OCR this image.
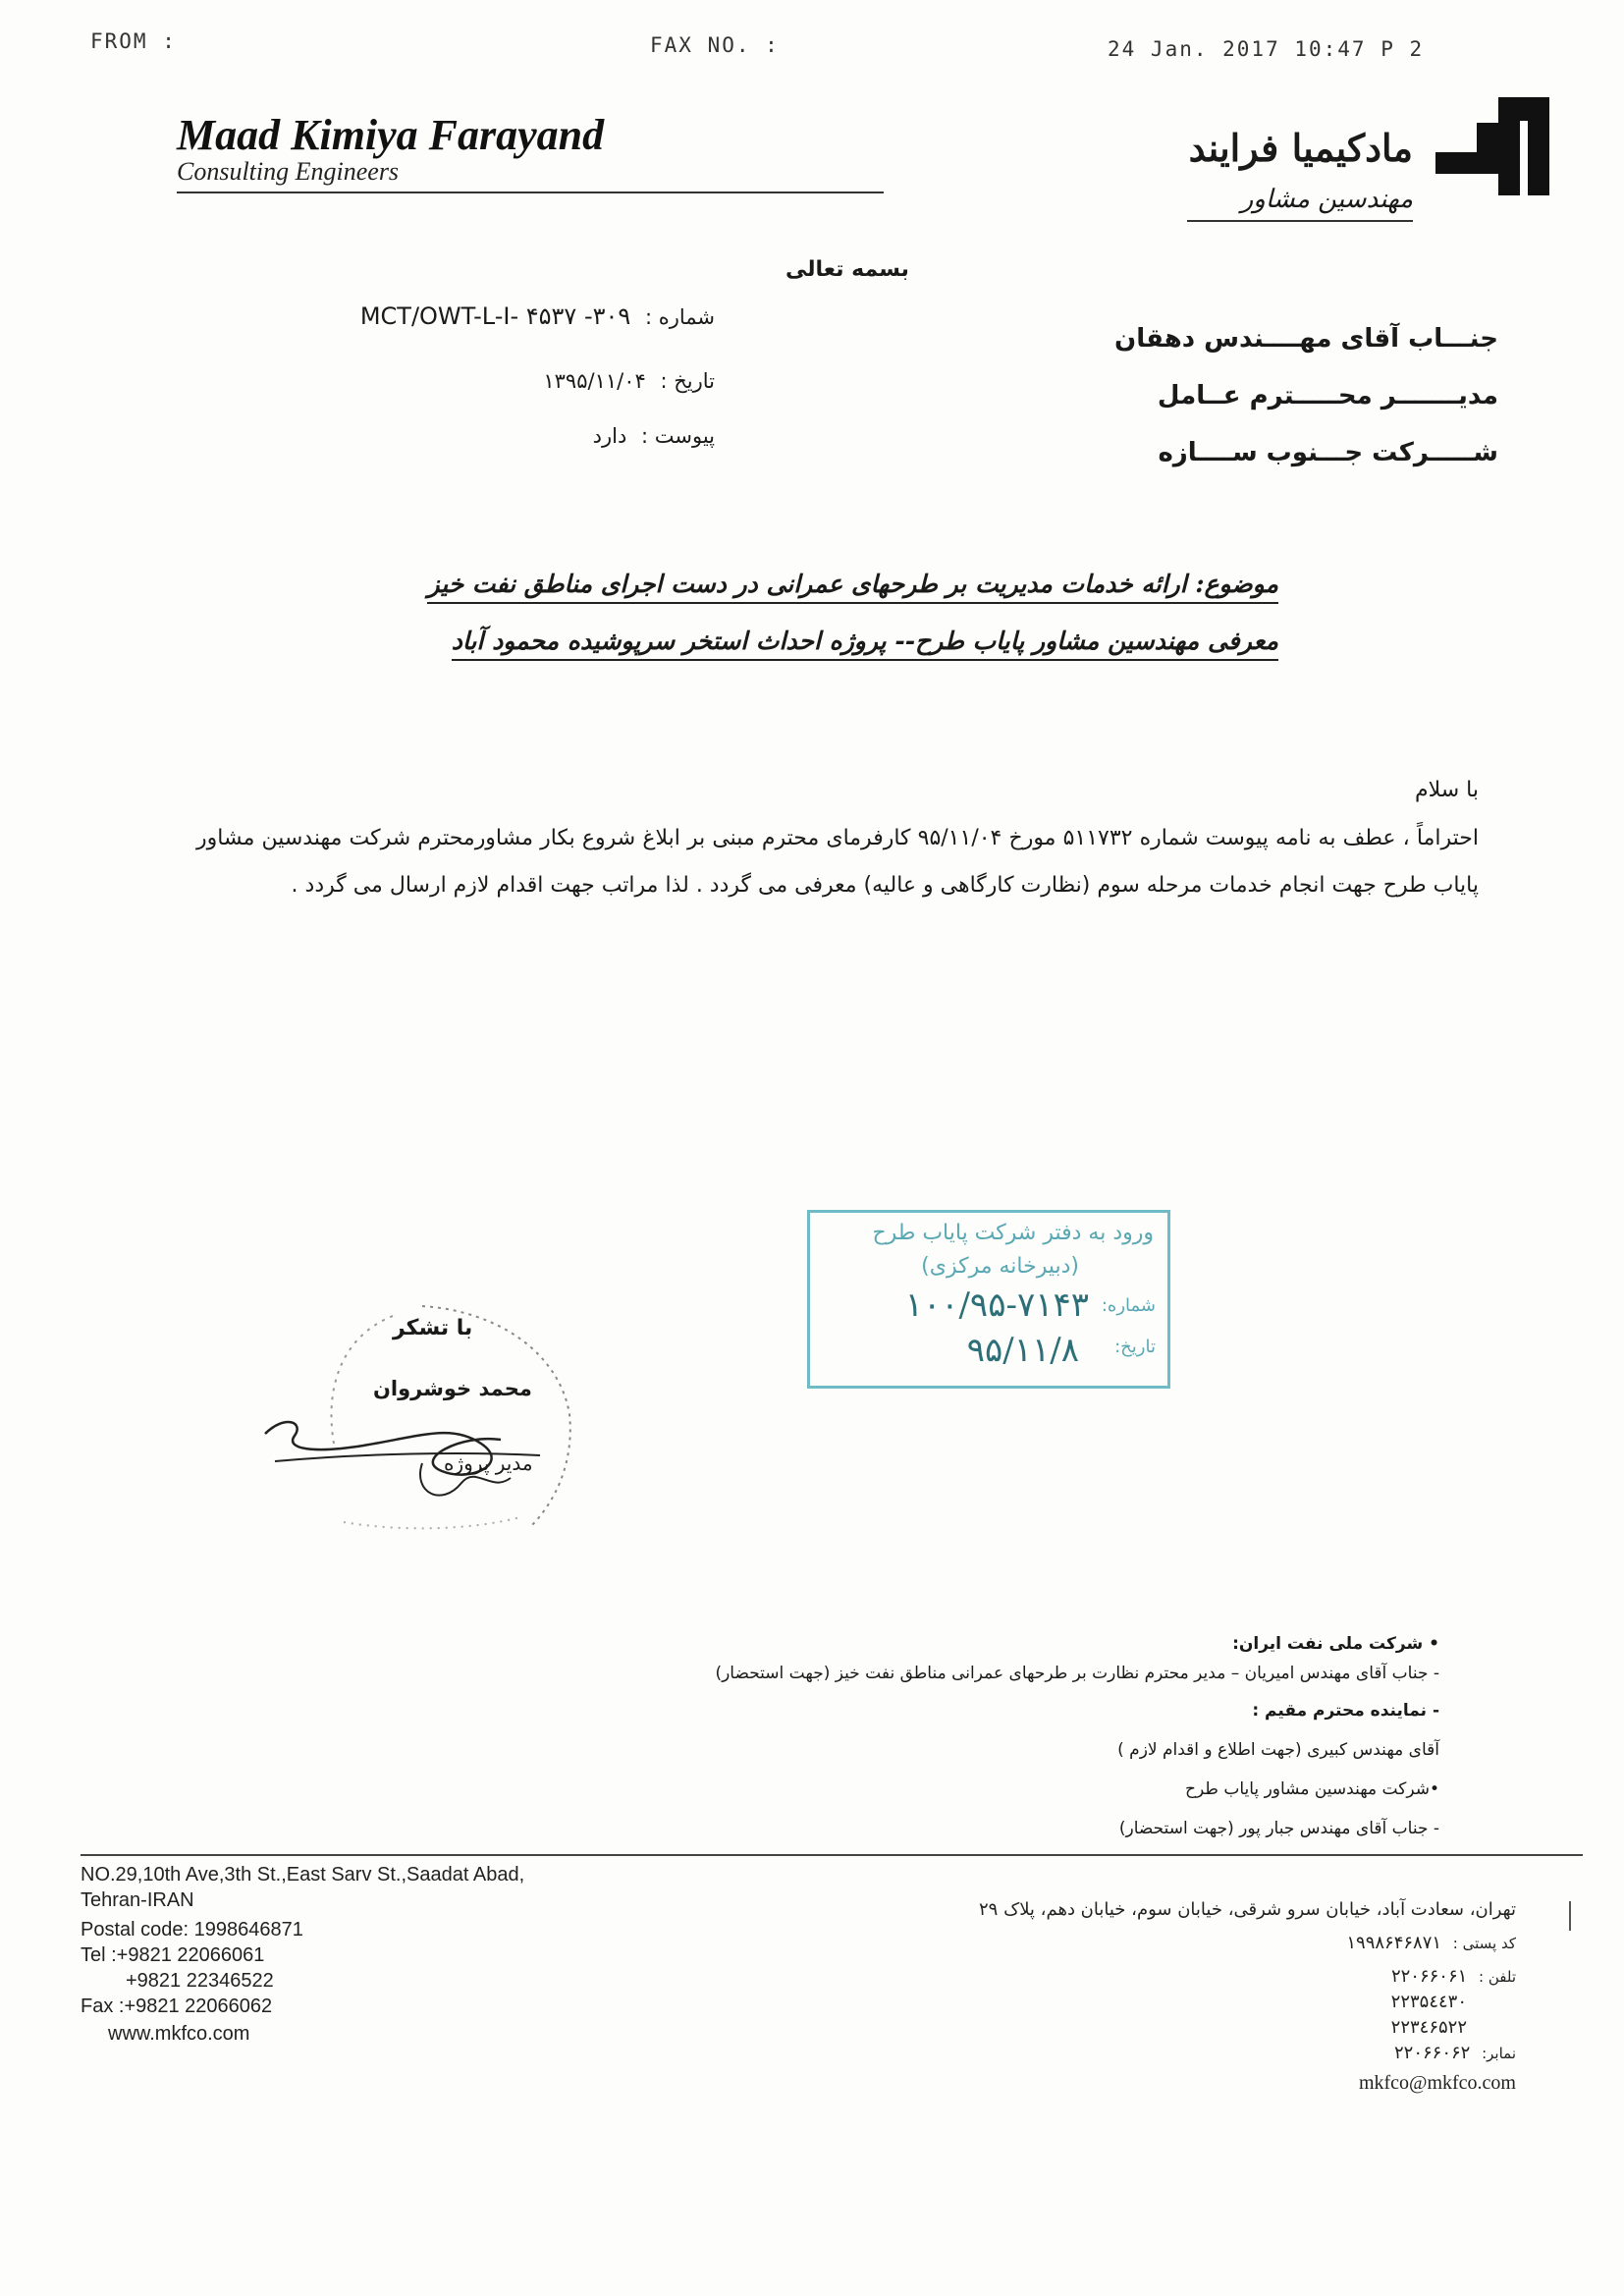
FROM :	FAX NO. :	24 Jan. 2017 10:47 P 2
Maad Kimiya Farayand
Consulting Engineers
مادکیمیا فرایند
مهندسین مشاور
بسمه تعالی
شماره : ۳۰۹- MCT/OWT-L-I- ۴۵۳۷
تاریخ : ۱۳۹۵/۱۱/۰۴
پیوست : دارد
جنـــاب آقای مهــــندس دهقان
مدیـــــــر محـــــترم عــامل
شـــــرکت جـــنوب ســــازه
موضوع: ارائه خدمات مدیریت بر طرحهای عمرانی در دست اجرای مناطق نفت خیز
معرفی مهندسین مشاور پایاب طرح-- پروژه احداث استخر سرپوشیده محمود آباد
با سلام
احتراماً ، عطف به نامه پیوست شماره ۵۱۱۷۳۲ مورخ ۹۵/۱۱/۰۴ کارفرمای محترم مبنی بر ابلاغ شروع بکار مشاورمحترم شرکت مهندسین مشاور پایاب طرح جهت انجام خدمات مرحله سوم (نظارت کارگاهی و عالیه) معرفی می گردد . لذا مراتب جهت اقدام لازم ارسال می گردد .
ورود به دفتر شرکت پایاب طرح
(دبیرخانه مرکزی)
شماره:
۱۰۰/۹۵-۷۱۴۳
تاریخ:
۹۵/۱۱/۸
با تشکر
محمد خوشروان
مدیر پروژه
• شرکت ملی نفت ایران:
- جناب آقای مهندس امیریان – مدیر محترم نظارت بر طرحهای عمرانی مناطق نفت خیز (جهت استحضار)
- نماینده محترم مقیم :
آقای مهندس کبیری (جهت اطلاع و اقدام لازم )
•شرکت مهندسین مشاور پایاب طرح
- جناب آقای مهندس جبار پور (جهت استحضار)
NO.29,10th Ave,3th St.,East Sarv St.,Saadat Abad,
Tehran-IRAN
Postal code: 1998646871
Tel :+9821 22066061
+9821 22346522
Fax :+9821 22066062
www.mkfco.com
تهران، سعادت آباد، خیابان سرو شرقی، خیابان سوم، خیابان دهم، پلاک ۲۹
کد پستی : ۱۹۹۸۶۴۶۸۷۱
تلفن : ۲۲۰۶۶۰۶۱
۲۲۳۵٤٤۳۰
۲۲۳٤۶۵۲۲
نمابر: ۲۲۰۶۶۰۶۲
mkfco@mkfco.com
